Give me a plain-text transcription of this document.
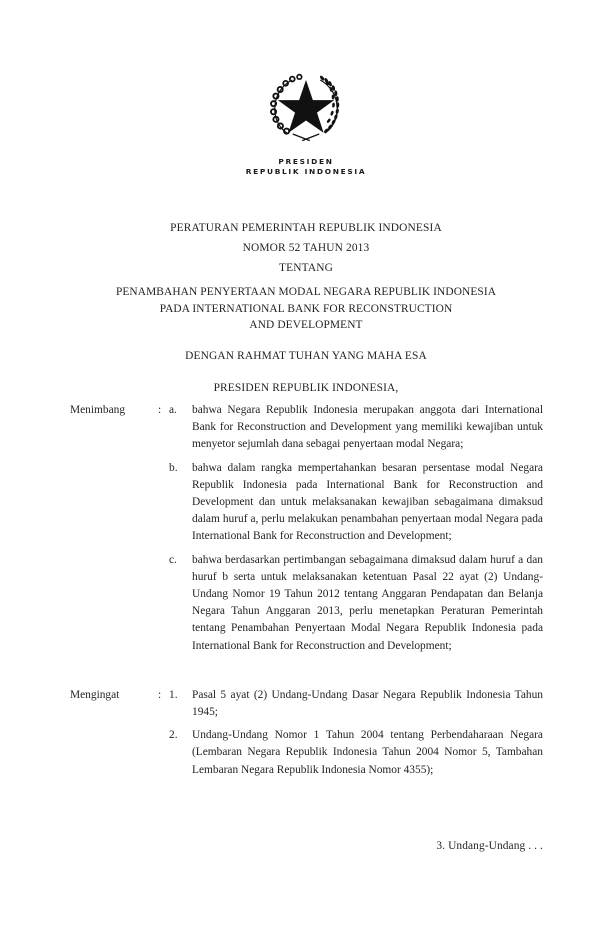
PRESIDEN
REPUBLIK INDONESIA
PERATURAN PEMERINTAH REPUBLIK INDONESIA
NOMOR 52 TAHUN 2013
TENTANG
PENAMBAHAN PENYERTAAN MODAL NEGARA REPUBLIK INDONESIA
PADA INTERNATIONAL BANK FOR RECONSTRUCTION
AND DEVELOPMENT
DENGAN RAHMAT TUHAN YANG MAHA ESA
PRESIDEN REPUBLIK INDONESIA,
Menimbang	: a.	bahwa Negara Republik Indonesia merupakan anggota dari International Bank for Reconstruction and Development yang memiliki kewajiban untuk menyetor sejumlah dana sebagai penyertaan modal Negara;
b.	bahwa dalam rangka mempertahankan besaran persentase modal Negara Republik Indonesia pada International Bank for Reconstruction and Development dan untuk melaksanakan kewajiban sebagaimana dimaksud dalam huruf a, perlu melakukan penambahan penyertaan modal Negara pada International Bank for Reconstruction and Development;
c.	bahwa berdasarkan pertimbangan sebagaimana dimaksud dalam huruf a dan huruf b serta untuk melaksanakan ketentuan Pasal 22 ayat (2) Undang-Undang Nomor 19 Tahun 2012 tentang Anggaran Pendapatan dan Belanja Negara Tahun Anggaran 2013, perlu menetapkan Peraturan Pemerintah tentang Penambahan Penyertaan Modal Negara Republik Indonesia pada International Bank for Reconstruction and Development;
Mengingat	: 1.	Pasal 5 ayat (2) Undang-Undang Dasar Negara Republik Indonesia Tahun 1945;
2.	Undang-Undang Nomor 1 Tahun 2004 tentang Perbendaharaan Negara (Lembaran Negara Republik Indonesia Tahun 2004 Nomor 5, Tambahan Lembaran Negara Republik Indonesia Nomor 4355);
3. Undang-Undang . . .
